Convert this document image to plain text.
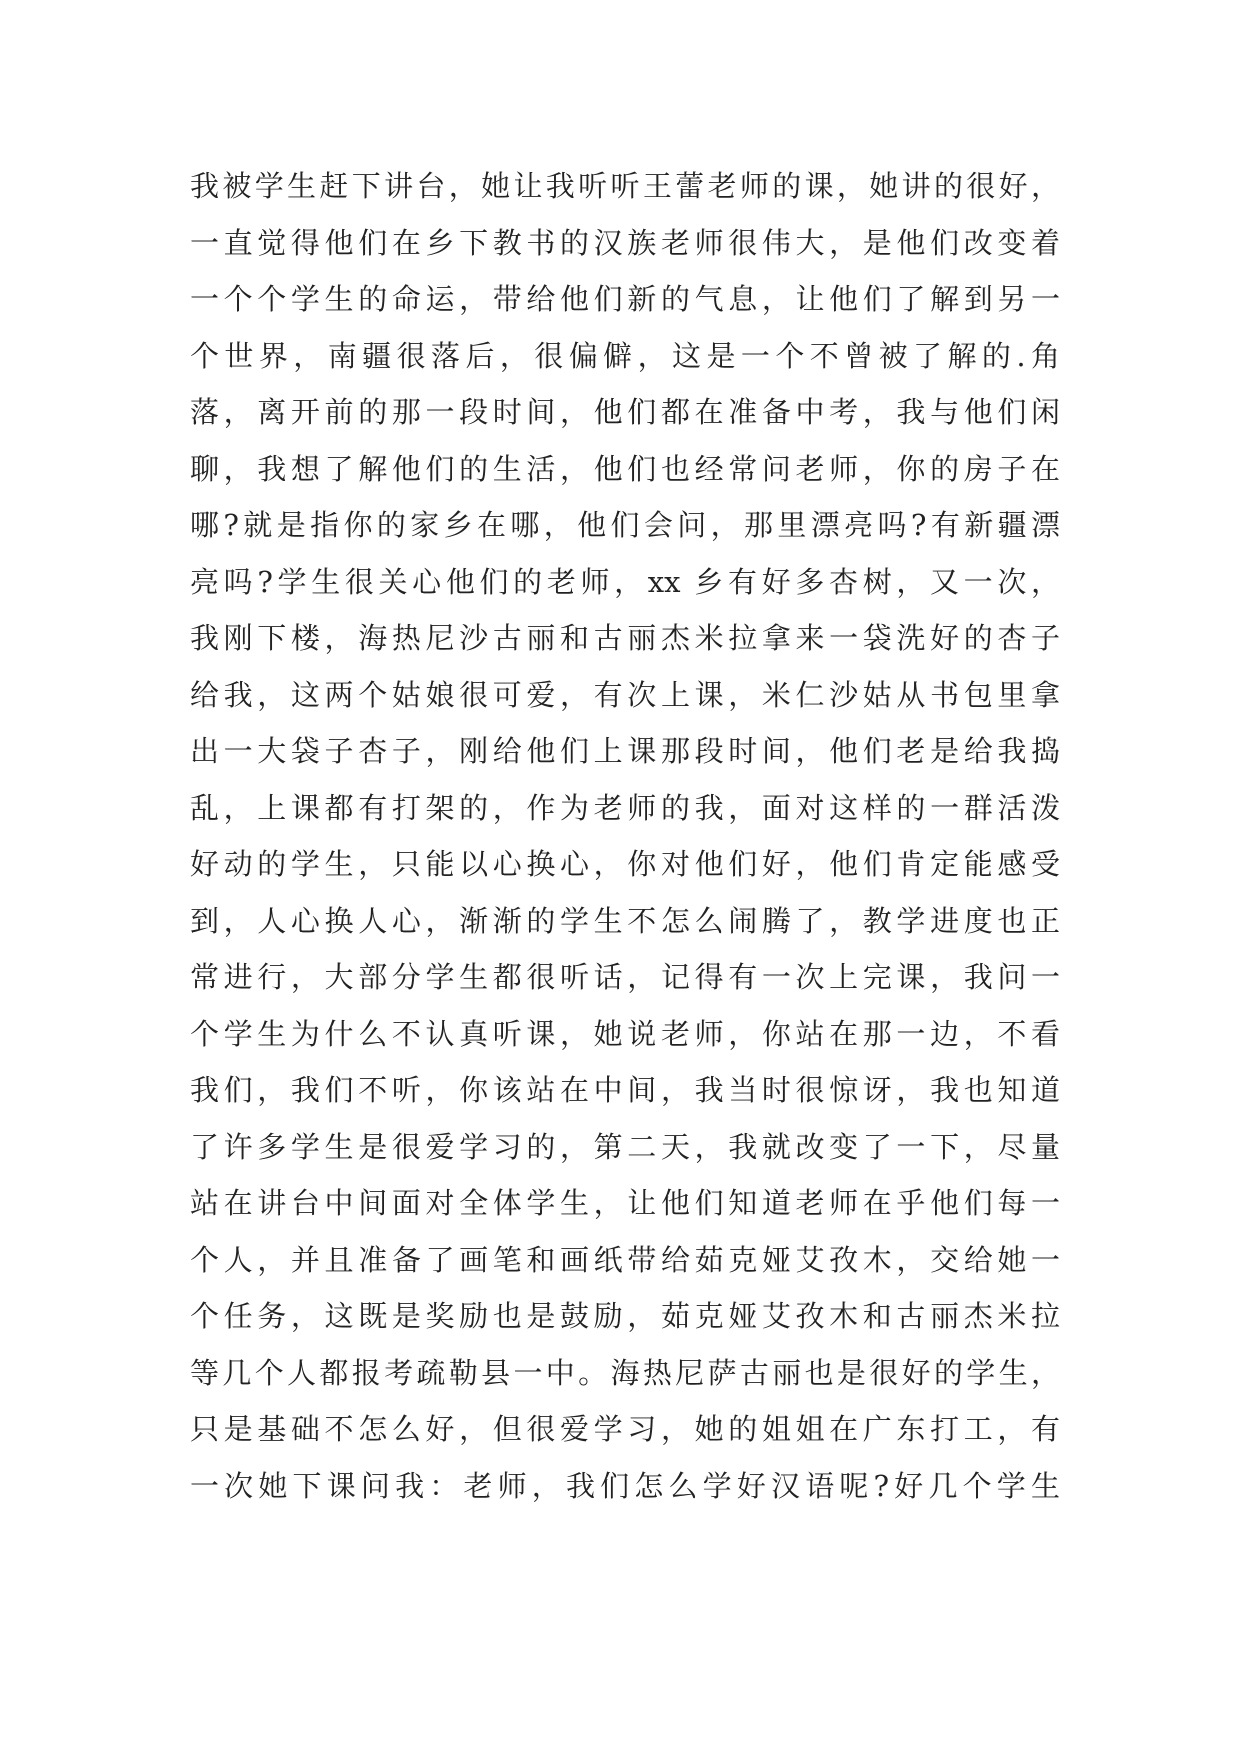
我被学生赶下讲台，她让我听听王蕾老师的课，她讲的很好，
一直觉得他们在乡下教书的汉族老师很伟大，是他们改变着
一个个学生的命运，带给他们新的气息，让他们了解到另一
个世界，南疆很落后，很偏僻，这是一个不曾被了解的.角
落，离开前的那一段时间，他们都在准备中考，我与他们闲
聊，我想了解他们的生活，他们也经常问老师，你的房子在
哪?就是指你的家乡在哪，他们会问，那里漂亮吗?有新疆漂
亮吗?学生很关心他们的老师，xx 乡有好多杏树，又一次，
我刚下楼，海热尼沙古丽和古丽杰米拉拿来一袋洗好的杏子
给我，这两个姑娘很可爱，有次上课，米仁沙姑从书包里拿
出一大袋子杏子，刚给他们上课那段时间，他们老是给我捣
乱，上课都有打架的，作为老师的我，面对这样的一群活泼
好动的学生，只能以心换心，你对他们好，他们肯定能感受
到，人心换人心，渐渐的学生不怎么闹腾了，教学进度也正
常进行，大部分学生都很听话，记得有一次上完课，我问一
个学生为什么不认真听课，她说老师，你站在那一边，不看
我们，我们不听，你该站在中间，我当时很惊讶，我也知道
了许多学生是很爱学习的，第二天，我就改变了一下，尽量
站在讲台中间面对全体学生，让他们知道老师在乎他们每一
个人，并且准备了画笔和画纸带给茹克娅艾孜木，交给她一
个任务，这既是奖励也是鼓励，茹克娅艾孜木和古丽杰米拉
等几个人都报考疏勒县一中。海热尼萨古丽也是很好的学生，
只是基础不怎么好，但很爱学习，她的姐姐在广东打工，有
一次她下课问我：老师，我们怎么学好汉语呢?好几个学生
